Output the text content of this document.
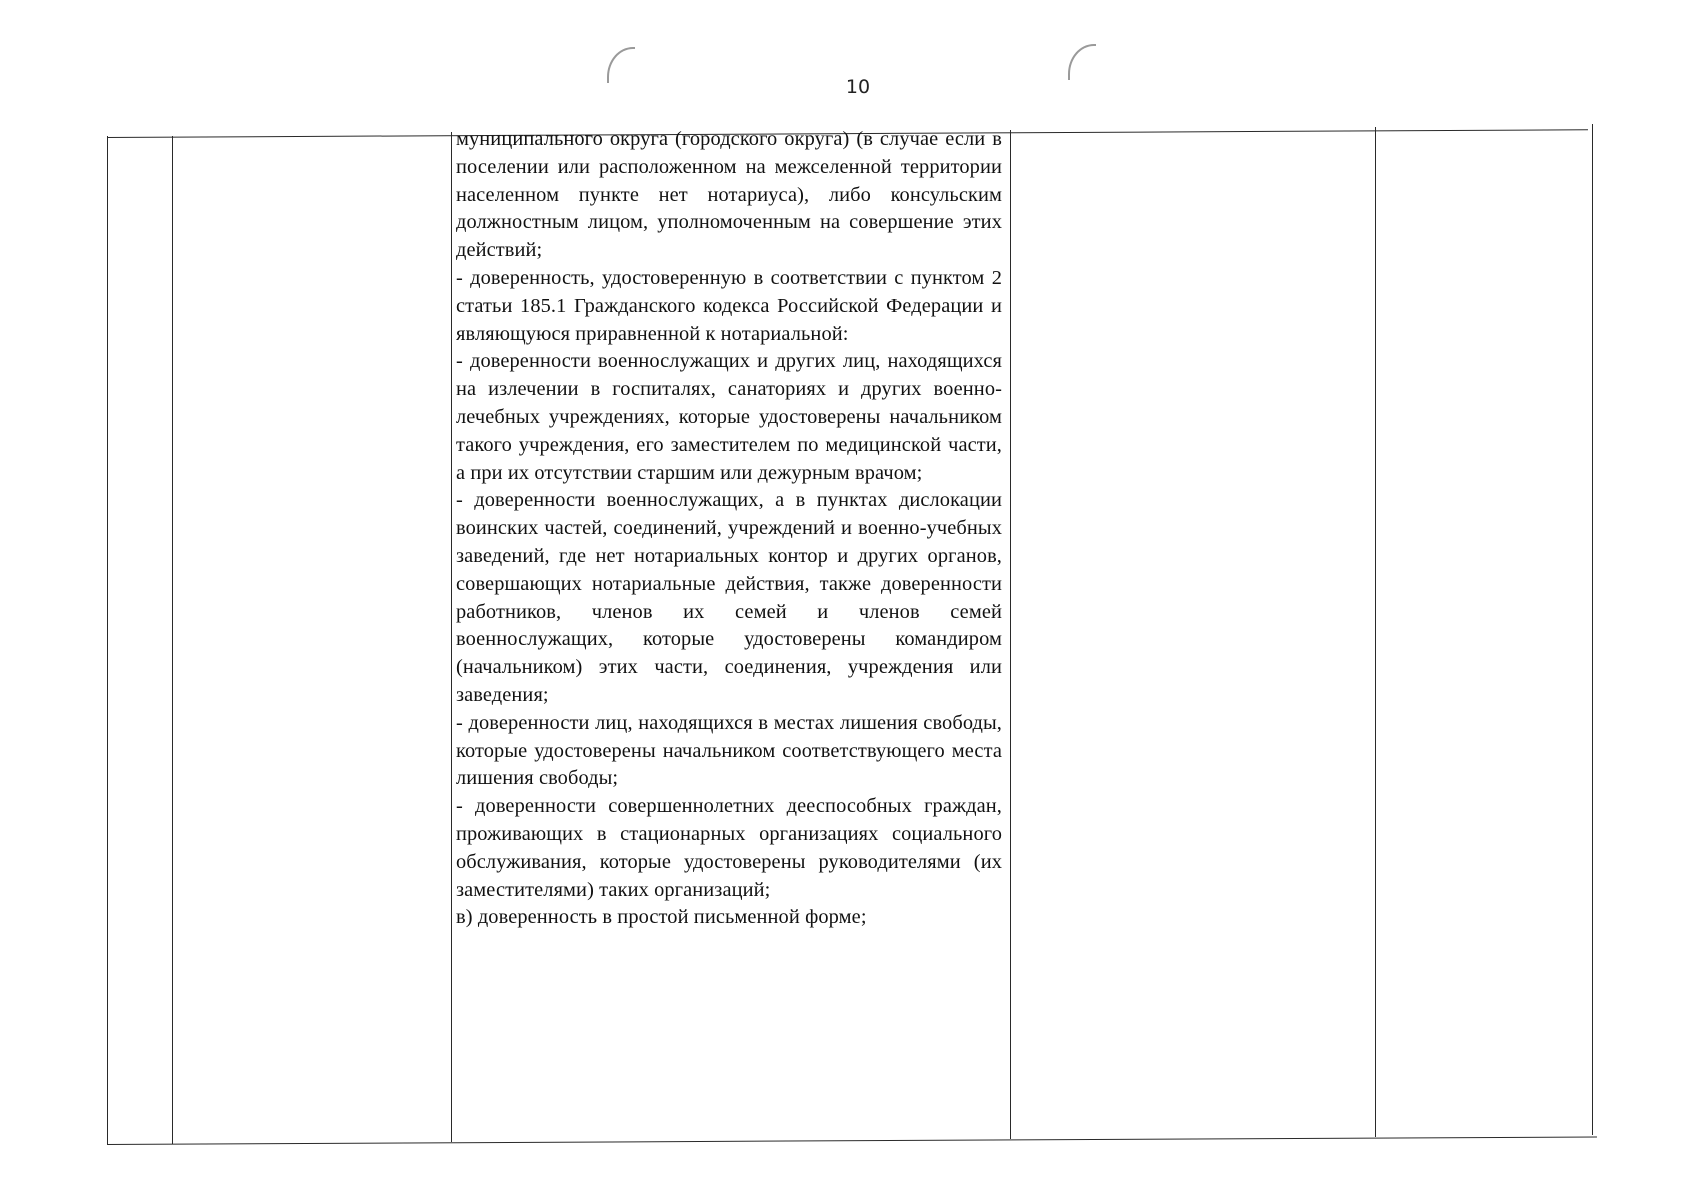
10

муниципального округа (городского округа) (в случае если в поселении или расположенном на межселенной территории населенном пункте нет нотариуса), либо консульским должностным лицом, уполномоченным на совершение этих действий;

- доверенность, удостоверенную в соответствии с пунктом 2 статьи 185.1 Гражданского кодекса Российской Федерации и являющуюся приравненной к нотариальной:

- доверенности военнослужащих и других лиц, находящихся на излечении в госпиталях, санаториях и других военно-лечебных учреждениях, которые удостоверены начальником такого учреждения, его заместителем по медицинской части, а при их отсутствии старшим или дежурным врачом;

- доверенности военнослужащих, а в пунктах дислокации воинских частей, соединений, учреждений и военно-учебных заведений, где нет нотариальных контор и других органов, совершающих нотариальные действия, также доверенности работников, членов их семей и членов семей военнослужащих, которые удостоверены командиром (начальником) этих части, соединения, учреждения или заведения;

- доверенности лиц, находящихся в местах лишения свободы, которые удостоверены начальником соответствующего места лишения свободы;

- доверенности совершеннолетних дееспособных граждан, проживающих в стационарных организациях социального обслуживания, которые удостоверены руководителями (их заместителями) таких организаций;

в) доверенность в простой письменной форме;
